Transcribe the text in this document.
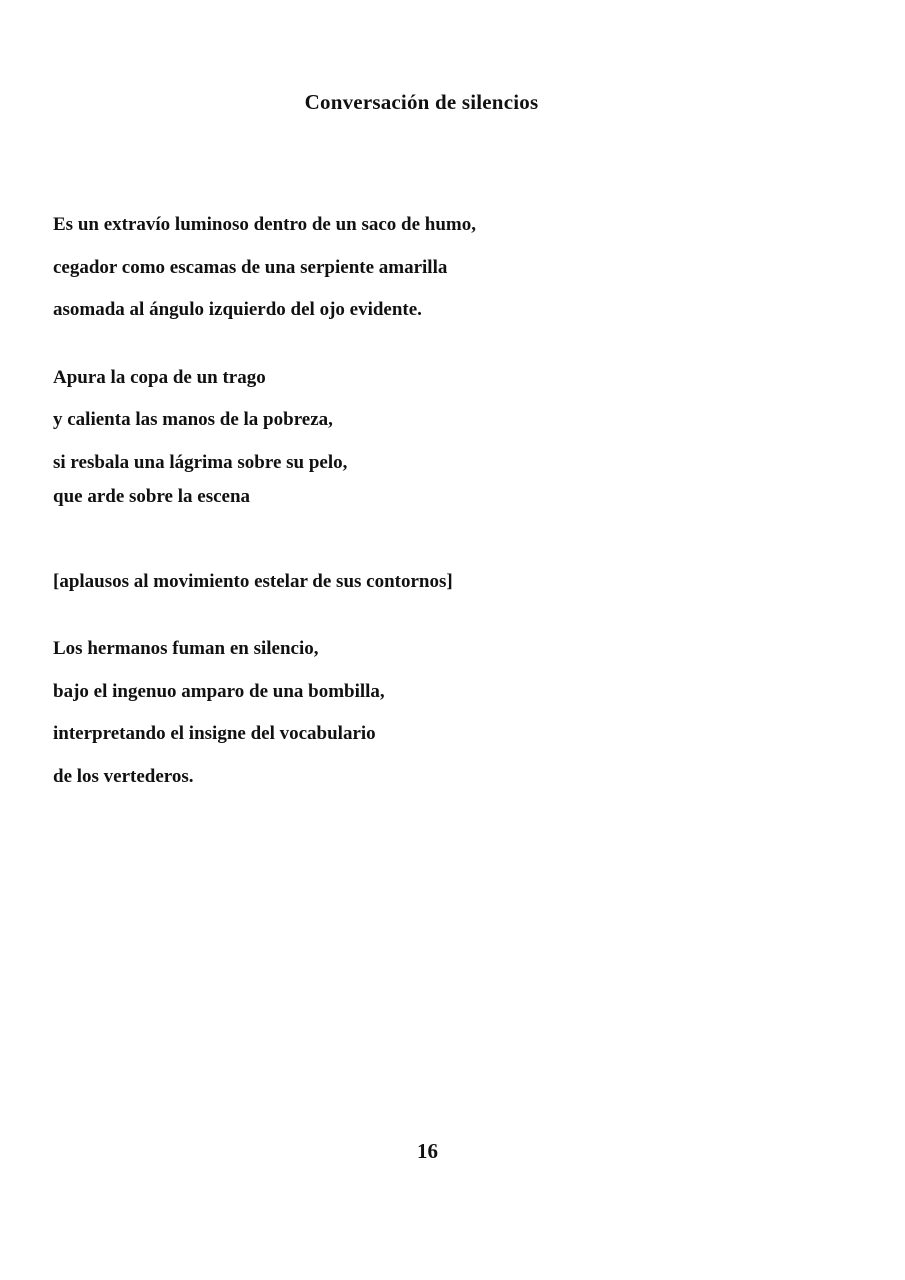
Conversación de silencios
Es un extravío luminoso dentro de un saco de humo,
cegador como escamas de una serpiente amarilla
asomada al ángulo izquierdo del ojo evidente.
Apura la copa de un trago
y calienta las manos de la pobreza,
si resbala una lágrima sobre su pelo,
que arde sobre la escena
[aplausos al movimiento estelar de sus contornos]
Los hermanos fuman en silencio,
bajo el ingenuo amparo de una bombilla,
interpretando el insigne del vocabulario
de los vertederos.
16
